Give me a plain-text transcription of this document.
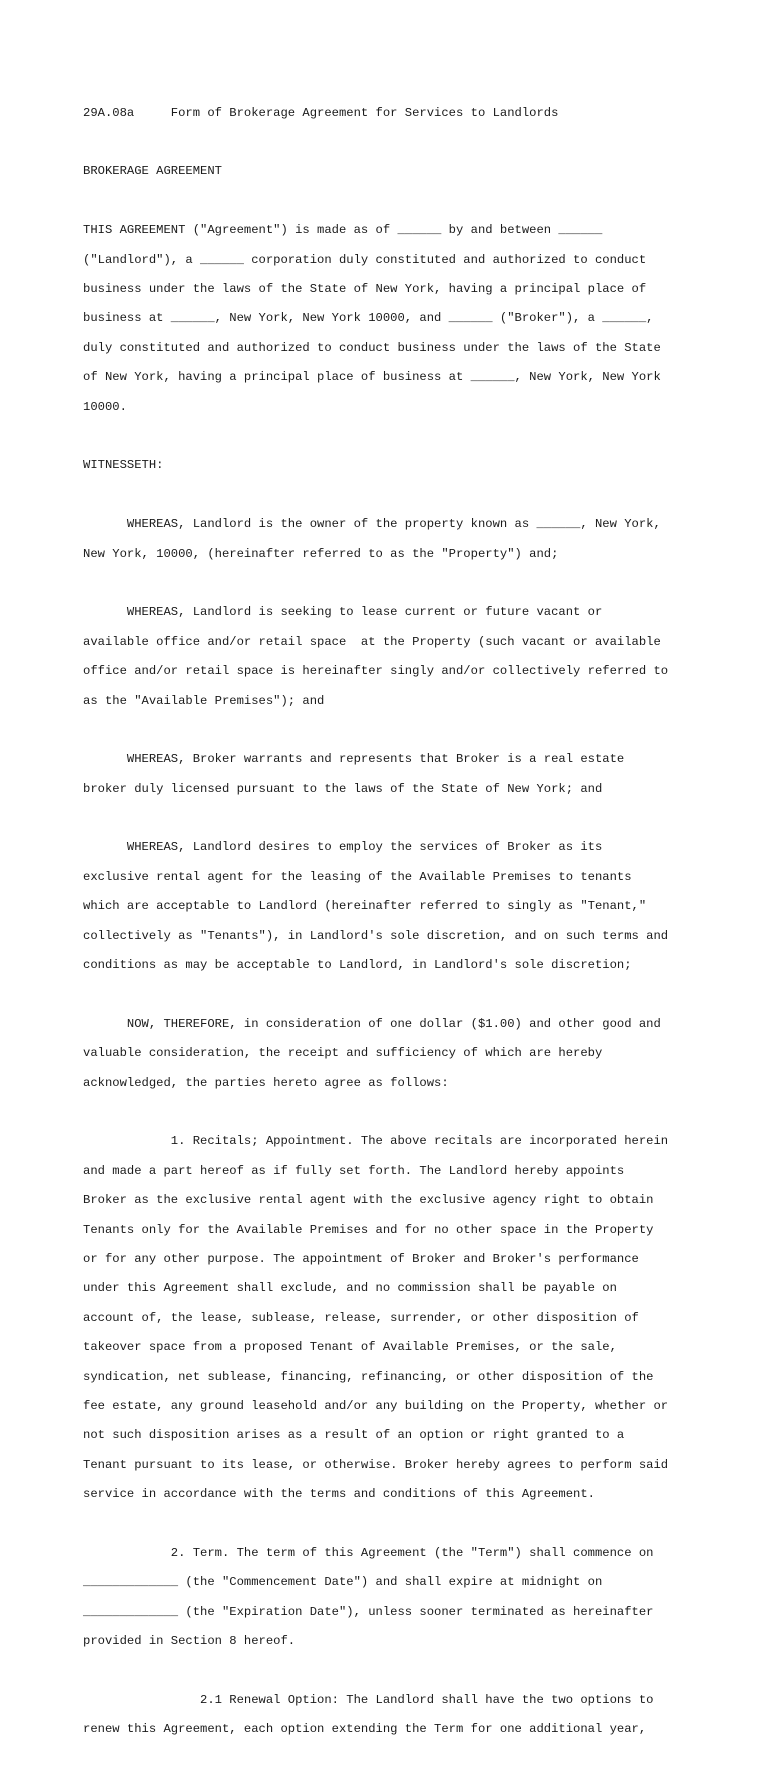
29A.08a     Form of Brokerage Agreement for Services to Landlords

BROKERAGE AGREEMENT

THIS AGREEMENT ("Agreement") is made as of ______ by and between ______

("Landlord"), a ______ corporation duly constituted and authorized to conduct

business under the laws of the State of New York, having a principal place of

business at ______, New York, New York 10000, and ______ ("Broker"), a ______,

duly constituted and authorized to conduct business under the laws of the State

of New York, having a principal place of business at ______, New York, New York

10000.

WITNESSETH:

WHEREAS, Landlord is the owner of the property known as ______, New York,

New York, 10000, (hereinafter referred to as the "Property") and;

WHEREAS, Landlord is seeking to lease current or future vacant or

available office and/or retail space  at the Property (such vacant or available

office and/or retail space is hereinafter singly and/or collectively referred to

as the "Available Premises"); and

WHEREAS, Broker warrants and represents that Broker is a real estate

broker duly licensed pursuant to the laws of the State of New York; and

WHEREAS, Landlord desires to employ the services of Broker as its

exclusive rental agent for the leasing of the Available Premises to tenants

which are acceptable to Landlord (hereinafter referred to singly as "Tenant,"

collectively as "Tenants"), in Landlord's sole discretion, and on such terms and

conditions as may be acceptable to Landlord, in Landlord's sole discretion;

NOW, THEREFORE, in consideration of one dollar ($1.00) and other good and

valuable consideration, the receipt and sufficiency of which are hereby

acknowledged, the parties hereto agree as follows:

1. Recitals; Appointment. The above recitals are incorporated herein

and made a part hereof as if fully set forth. The Landlord hereby appoints

Broker as the exclusive rental agent with the exclusive agency right to obtain

Tenants only for the Available Premises and for no other space in the Property

or for any other purpose. The appointment of Broker and Broker's performance

under this Agreement shall exclude, and no commission shall be payable on

account of, the lease, sublease, release, surrender, or other disposition of

takeover space from a proposed Tenant of Available Premises, or the sale,

syndication, net sublease, financing, refinancing, or other disposition of the

fee estate, any ground leasehold and/or any building on the Property, whether or

not such disposition arises as a result of an option or right granted to a

Tenant pursuant to its lease, or otherwise. Broker hereby agrees to perform said

service in accordance with the terms and conditions of this Agreement.

2. Term. The term of this Agreement (the "Term") shall commence on

_____________ (the "Commencement Date") and shall expire at midnight on

_____________ (the "Expiration Date"), unless sooner terminated as hereinafter

provided in Section 8 hereof.

2.1 Renewal Option: The Landlord shall have the two options to

renew this Agreement, each option extending the Term for one additional year,
